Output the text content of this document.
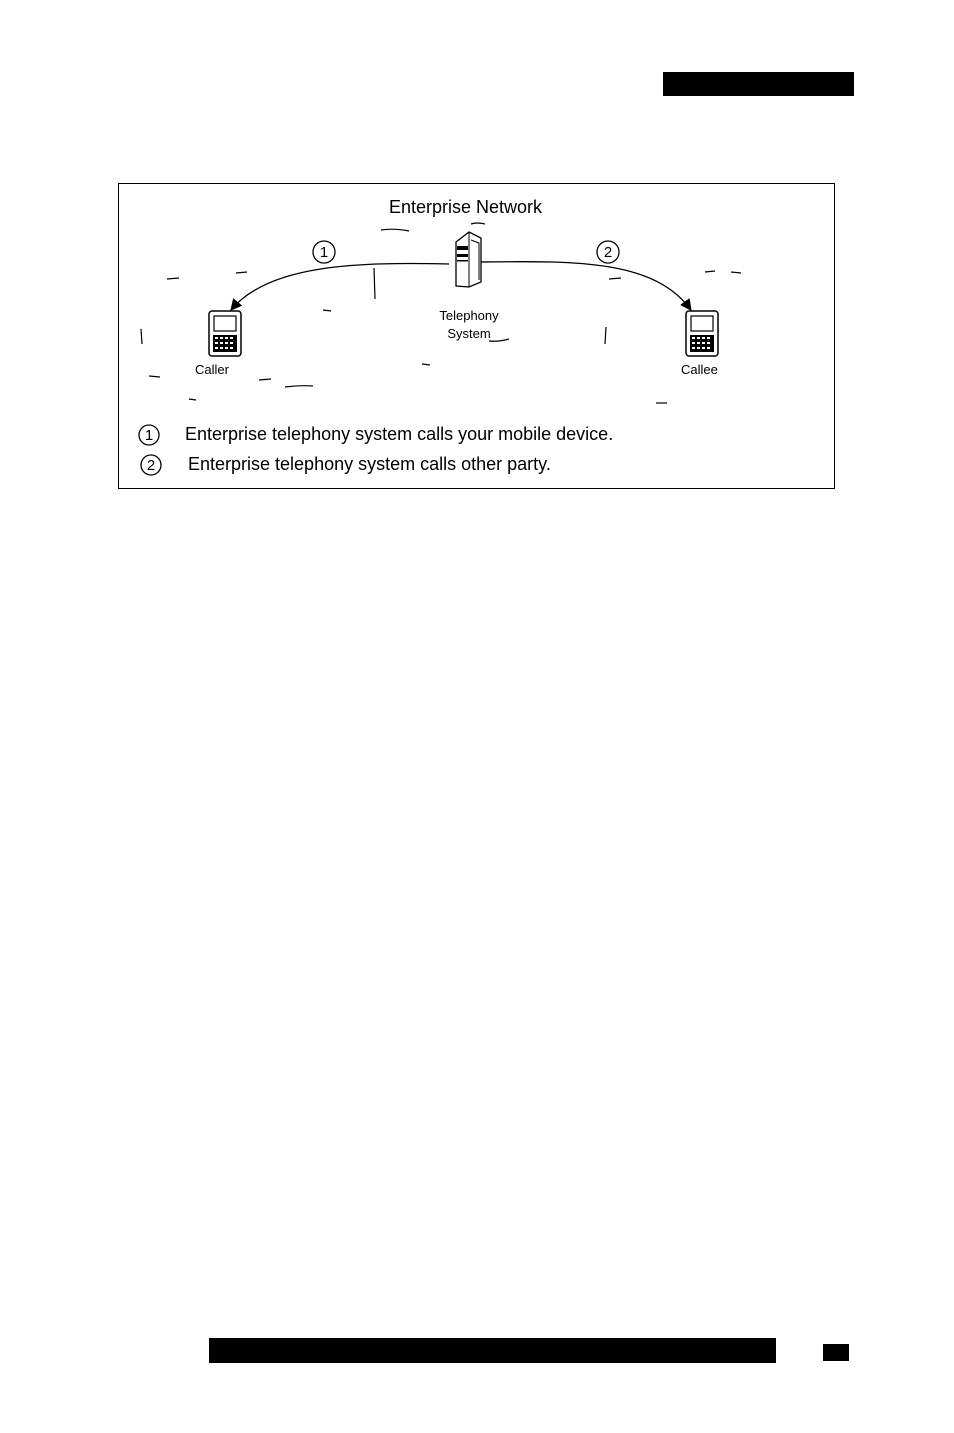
1	2
1
2
Enterprise Network
Telephony
System
Caller	Callee
Enterprise telephony system calls your mobile device.
Enterprise telephony system calls other party.
